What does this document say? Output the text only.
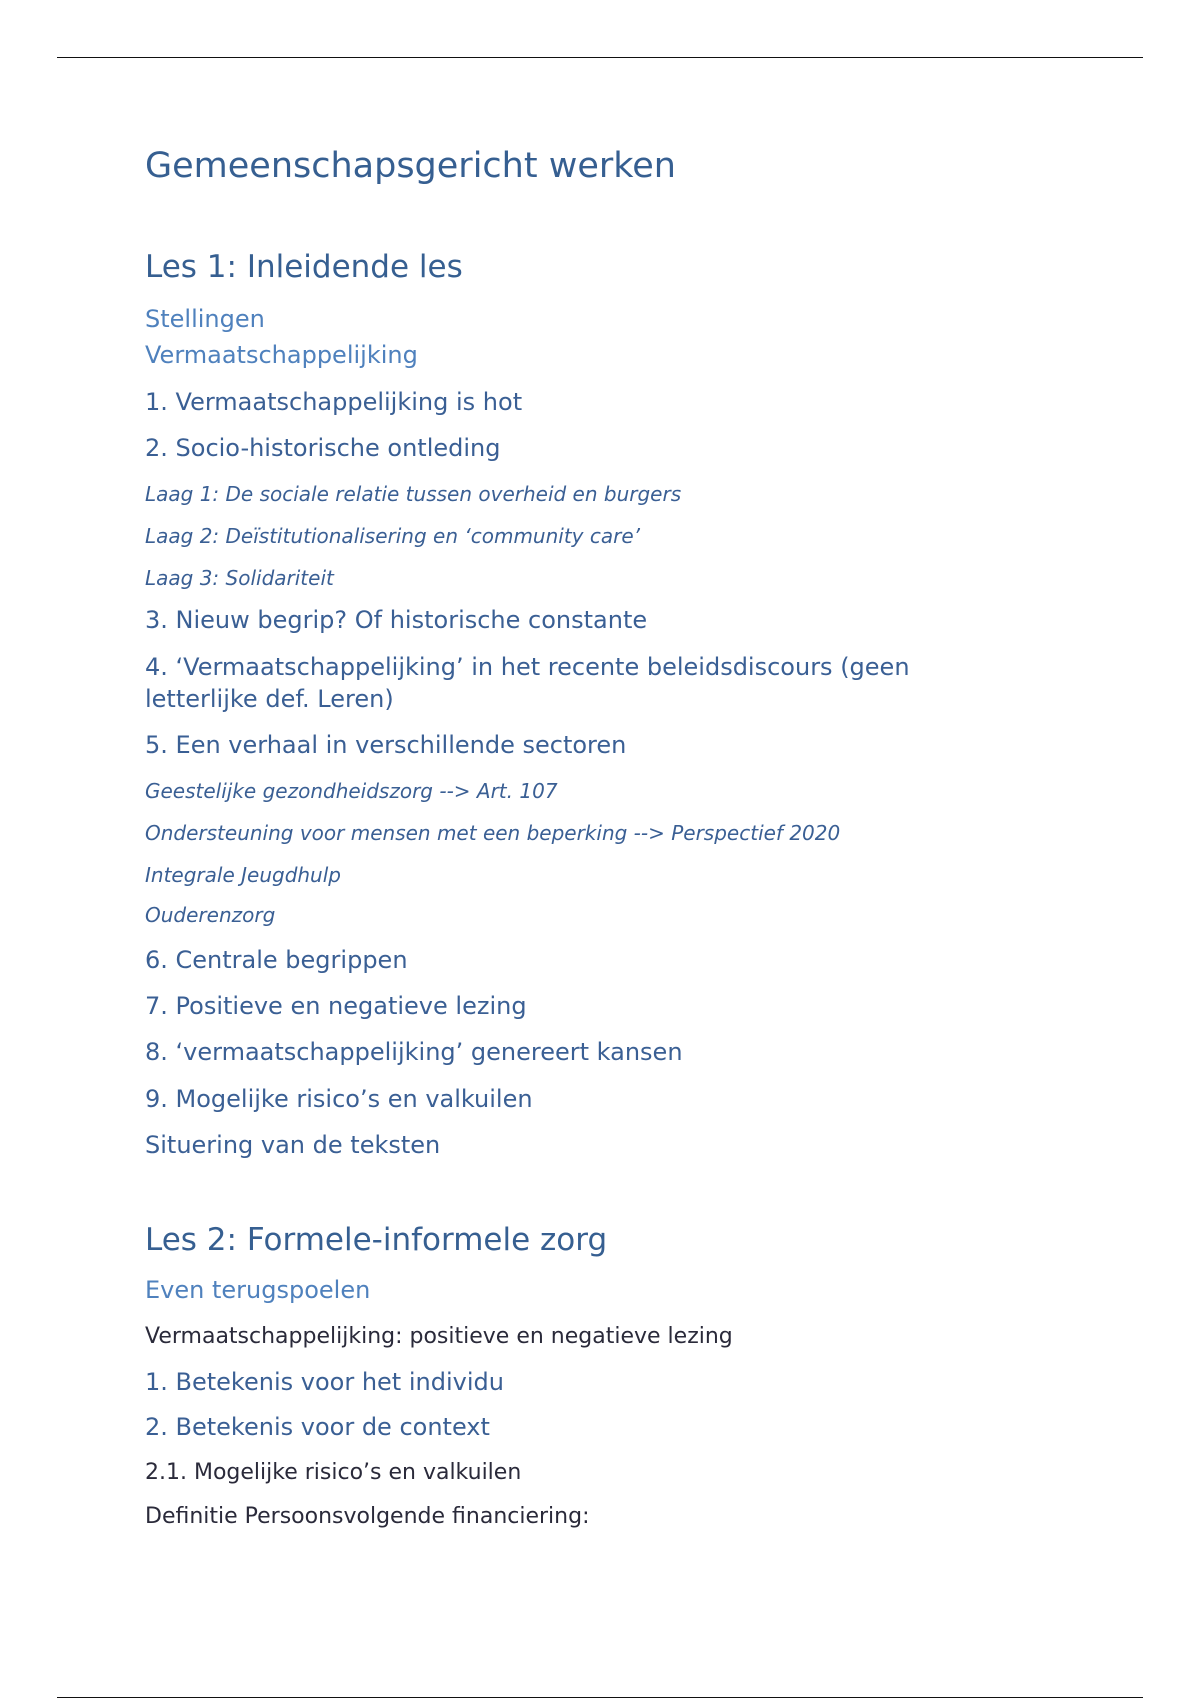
Gemeenschapsgericht werken
Les 1: Inleidende les
Stellingen
Vermaatschappelijking

1. Vermaatschappelijking is hot

2. Socio-historische ontleding

Laag 1: De sociale relatie tussen overheid en burgers

Laag 2: Deïstitutionalisering en ‘community care’

Laag 3: Solidariteit

3. Nieuw begrip? Of historische constante

4. ‘Vermaatschappelijking’ in het recente beleidsdiscours (geen letterlijke def. Leren)

5. Een verhaal in verschillende sectoren

Geestelijke gezondheidszorg --> Art. 107

Ondersteuning voor mensen met een beperking --> Perspectief 2020

Integrale Jeugdhulp

Ouderenzorg

6. Centrale begrippen

7. Positieve en negatieve lezing

8. ‘vermaatschappelijking’ genereert kansen

9. Mogelijke risico’s en valkuilen

Situering van de teksten

Les 2: Formele-informele zorg
Even terugspoelen

Vermaatschappelijking: positieve en negatieve lezing

1. Betekenis voor het individu

2. Betekenis voor de context

2.1. Mogelijke risico’s en valkuilen

Definitie Persoonsvolgende financiering:
